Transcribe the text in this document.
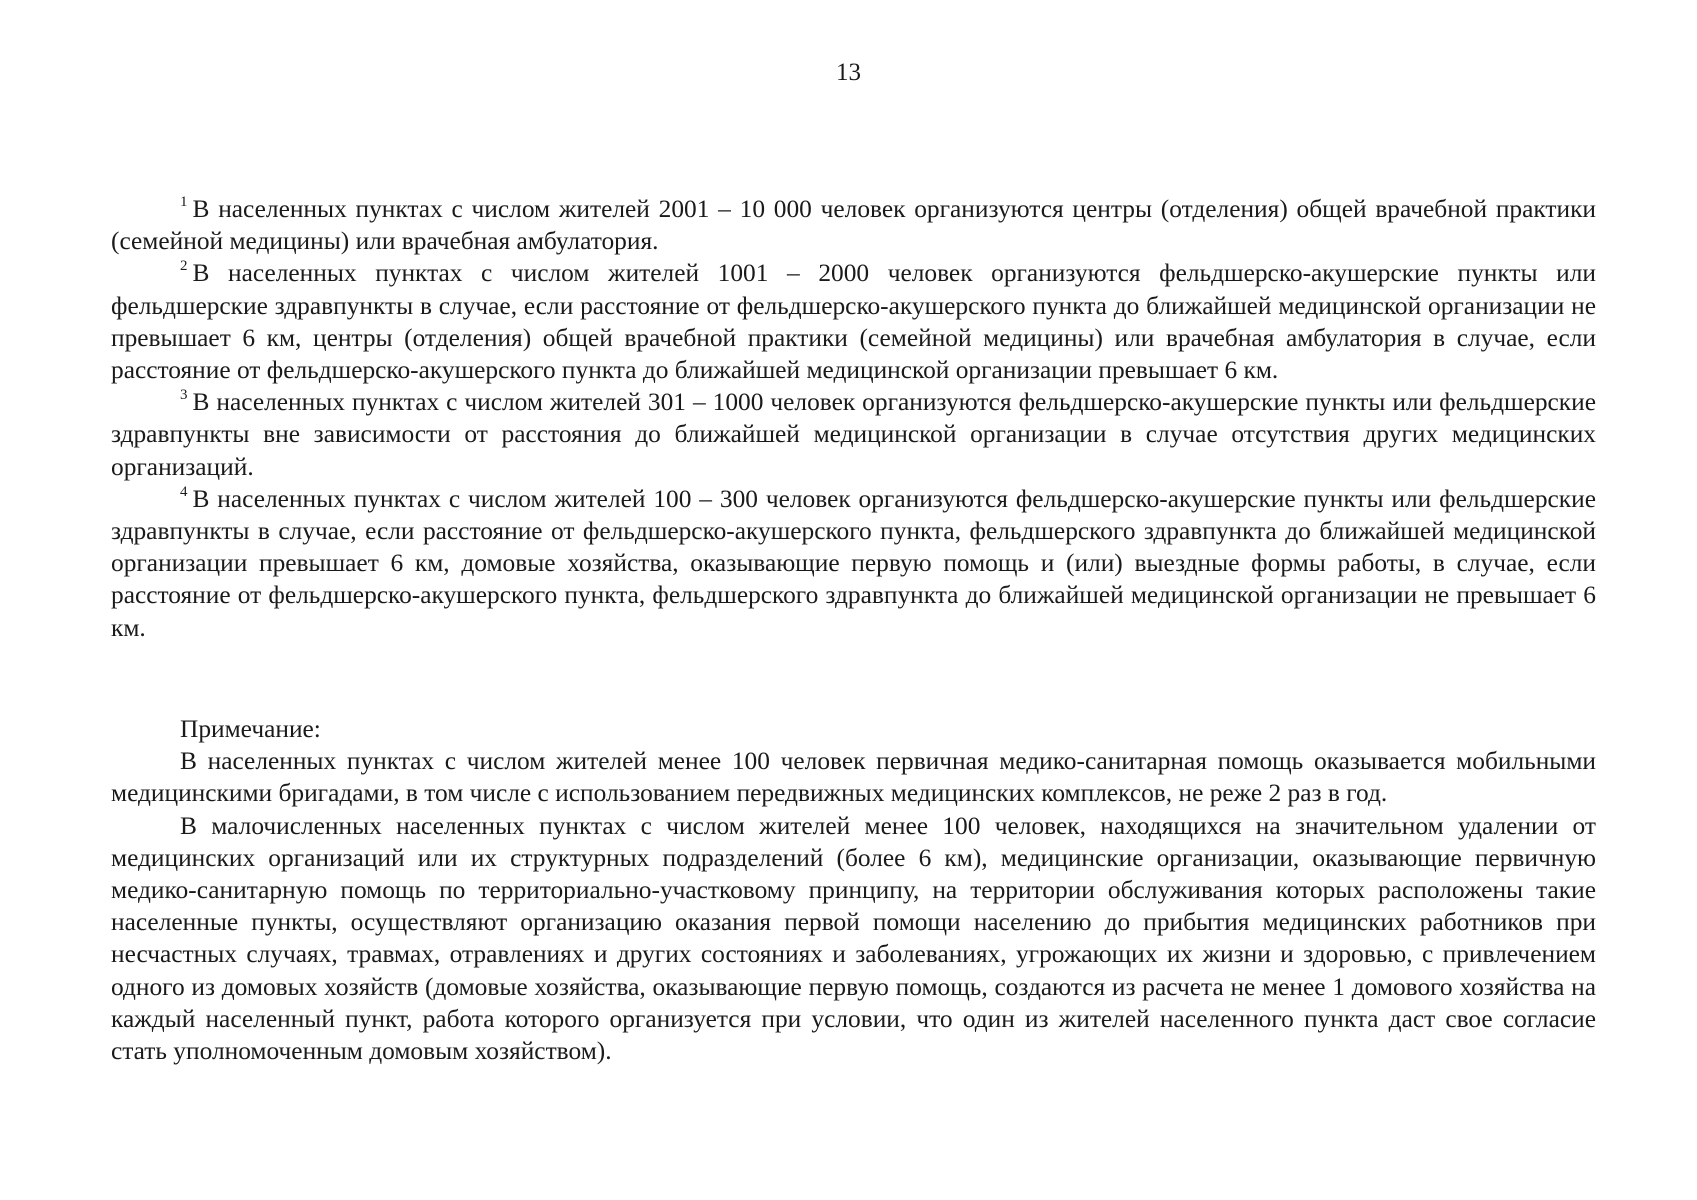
13

$^1$ В населенных пунктах с числом жителей 2001 – 10 000 человек организуются центры (отделения) общей врачебной практики (семейной медицины) или врачебная амбулатория.

$^2$ В населенных пунктах с числом жителей 1001 – 2000 человек организуются фельдшерско-акушерские пункты или фельдшерские здравпункты в случае, если расстояние от фельдшерско-акушерского пункта до ближайшей медицинской организации не превышает 6 км, центры (отделения) общей врачебной практики (семейной медицины) или врачебная амбулатория в случае, если расстояние от фельдшерско-акушерского пункта до ближайшей медицинской организации превышает 6 км.

$^3$ В населенных пунктах с числом жителей 301 – 1000 человек организуются фельдшерско-акушерские пункты или фельдшерские здравпункты вне зависимости от расстояния до ближайшей медицинской организации в случае отсутствия других медицинских организаций.

$^4$ В населенных пунктах с числом жителей 100 – 300 человек организуются фельдшерско-акушерские пункты или фельдшерские здравпункты в случае, если расстояние от фельдшерско-акушерского пункта, фельдшерского здравпункта до ближайшей медицинской организации превышает 6 км, домовые хозяйства, оказывающие первую помощь и (или) выездные формы работы, в случае, если расстояние от фельдшерско-акушерского пункта, фельдшерского здравпункта до ближайшей медицинской организации не превышает 6 км.

Примечание:

В населенных пунктах с числом жителей менее 100 человек первичная медико-санитарная помощь оказывается мобильными медицинскими бригадами, в том числе с использованием передвижных медицинских комплексов, не реже 2 раз в год.

В малочисленных населенных пунктах с числом жителей менее 100 человек, находящихся на значительном удалении от медицинских организаций или их структурных подразделений (более 6 км), медицинские организации, оказывающие первичную медико-санитарную помощь по территориально-участковому принципу, на территории обслуживания которых расположены такие населенные пункты, осуществляют организацию оказания первой помощи населению до прибытия медицинских работников при несчастных случаях, травмах, отравлениях и других состояниях и заболеваниях, угрожающих их жизни и здоровью, с привлечением одного из домовых хозяйств (домовые хозяйства, оказывающие первую помощь, создаются из расчета не менее 1 домового хозяйства на каждый населенный пункт, работа которого организуется при условии, что один из жителей населенного пункта даст свое согласие стать уполномоченным домовым хозяйством).
